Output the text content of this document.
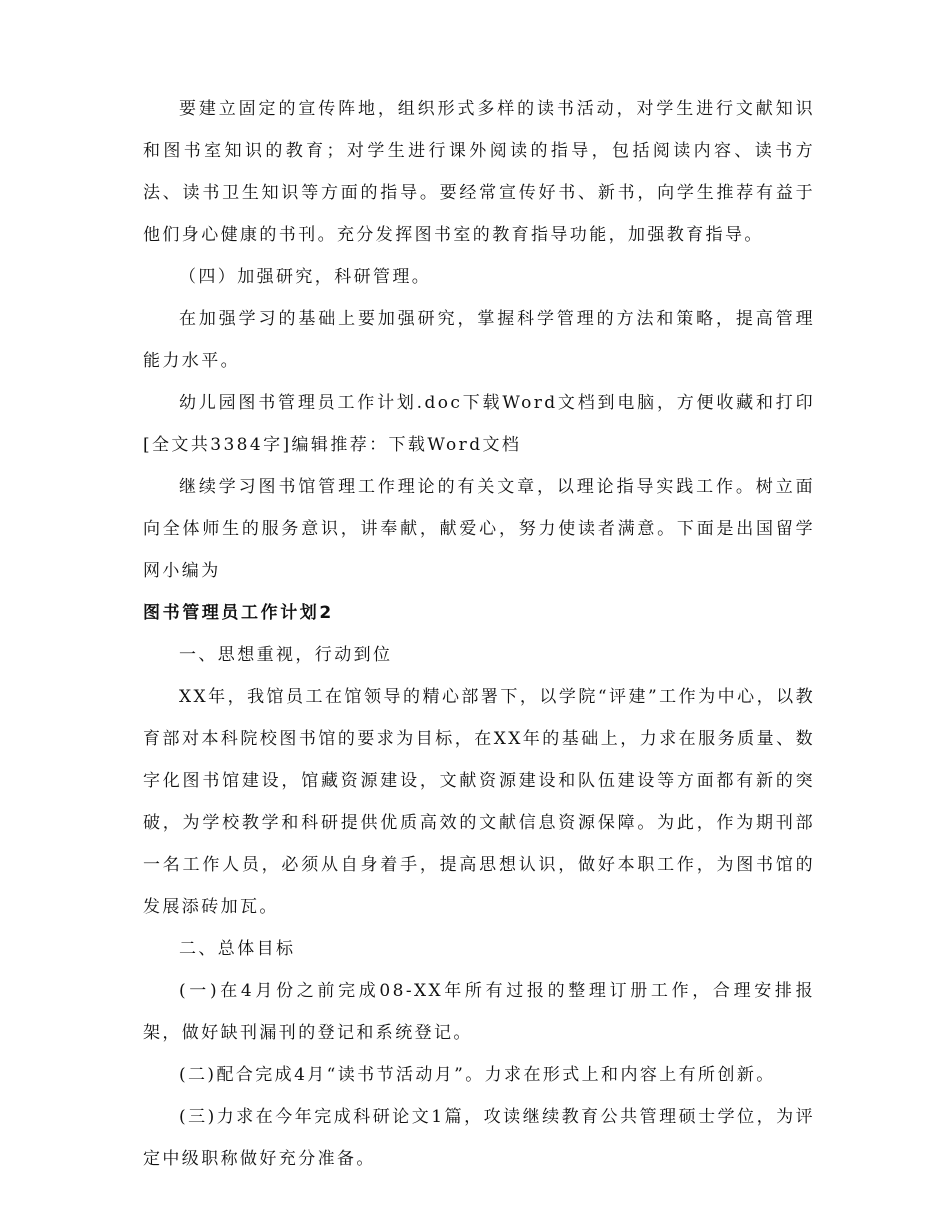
要建立固定的宣传阵地，组织形式多样的读书活动，对学生进行文献知识和图书室知识的教育；对学生进行课外阅读的指导，包括阅读内容、读书方法、读书卫生知识等方面的指导。要经常宣传好书、新书，向学生推荐有益于他们身心健康的书刊。充分发挥图书室的教育指导功能，加强教育指导。

（四）加强研究，科研管理。

在加强学习的基础上要加强研究，掌握科学管理的方法和策略，提高管理能力水平。

幼儿园图书管理员工作计划.doc下载Word文档到电脑，方便收藏和打印[全文共3384字]编辑推荐：下载Word文档

继续学习图书馆管理工作理论的有关文章，以理论指导实践工作。树立面向全体师生的服务意识，讲奉献，献爱心，努力使读者满意。下面是出国留学网小编为

图书管理员工作计划2

一、思想重视，行动到位

XX年，我馆员工在馆领导的精心部署下，以学院“评建”工作为中心，以教育部对本科院校图书馆的要求为目标，在XX年的基础上，力求在服务质量、数字化图书馆建设，馆藏资源建设，文献资源建设和队伍建设等方面都有新的突破，为学校教学和科研提供优质高效的文献信息资源保障。为此，作为期刊部一名工作人员，必须从自身着手，提高思想认识，做好本职工作，为图书馆的发展添砖加瓦。

二、总体目标

(一)在4月份之前完成08-XX年所有过报的整理订册工作，合理安排报架，做好缺刊漏刊的登记和系统登记。

(二)配合完成4月“读书节活动月”。力求在形式上和内容上有所创新。

(三)力求在今年完成科研论文1篇，攻读继续教育公共管理硕士学位，为评定中级职称做好充分准备。
